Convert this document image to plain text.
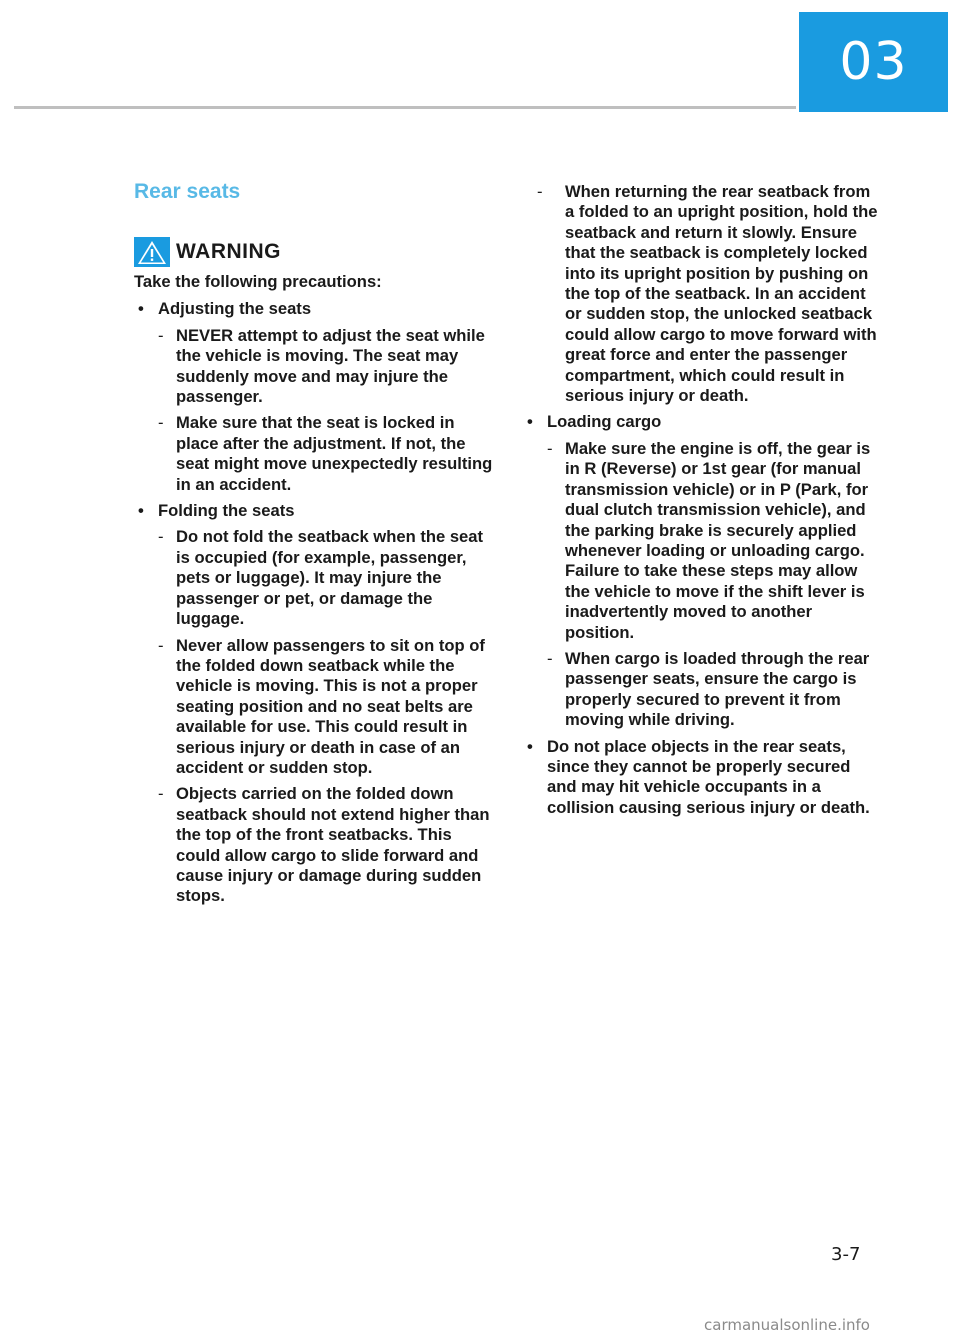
03
Rear seats
WARNING

Take the following precautions:

• Adjusting the seats
- NEVER attempt to adjust the seat while the vehicle is moving. The seat may suddenly move and may injure the passenger.
- Make sure that the seat is locked in place after the adjustment. If not, the seat might move unexpectedly resulting in an accident.
• Folding the seats
- Do not fold the seatback when the seat is occupied (for example, passenger, pets or luggage). It may injure the passenger or pet, or damage the luggage.
- Never allow passengers to sit on top of the folded down seatback while the vehicle is moving. This is not a proper seating position and no seat belts are available for use. This could result in serious injury or death in case of an accident or sudden stop.
- Objects carried on the folded down seatback should not extend higher than the top of the front seatbacks. This could allow cargo to slide forward and cause injury or damage during sudden stops.
- When returning the rear seatback from a folded to an upright position, hold the seatback and return it slowly. Ensure that the seatback is completely locked into its upright position by pushing on the top of the seatback. In an accident or sudden stop, the unlocked seatback could allow cargo to move forward with great force and enter the passenger compartment, which could result in serious injury or death.
• Loading cargo
- Make sure the engine is off, the gear is in R (Reverse) or 1st gear (for manual transmission vehicle) or in P (Park, for dual clutch transmission vehicle), and the parking brake is securely applied whenever loading or unloading cargo. Failure to take these steps may allow the vehicle to move if the shift lever is inadvertently moved to another position.
- When cargo is loaded through the rear passenger seats, ensure the cargo is properly secured to prevent it from moving while driving.
• Do not place objects in the rear seats, since they cannot be properly secured and may hit vehicle occupants in a collision causing serious injury or death.
3-7
carmanualsonline.info
